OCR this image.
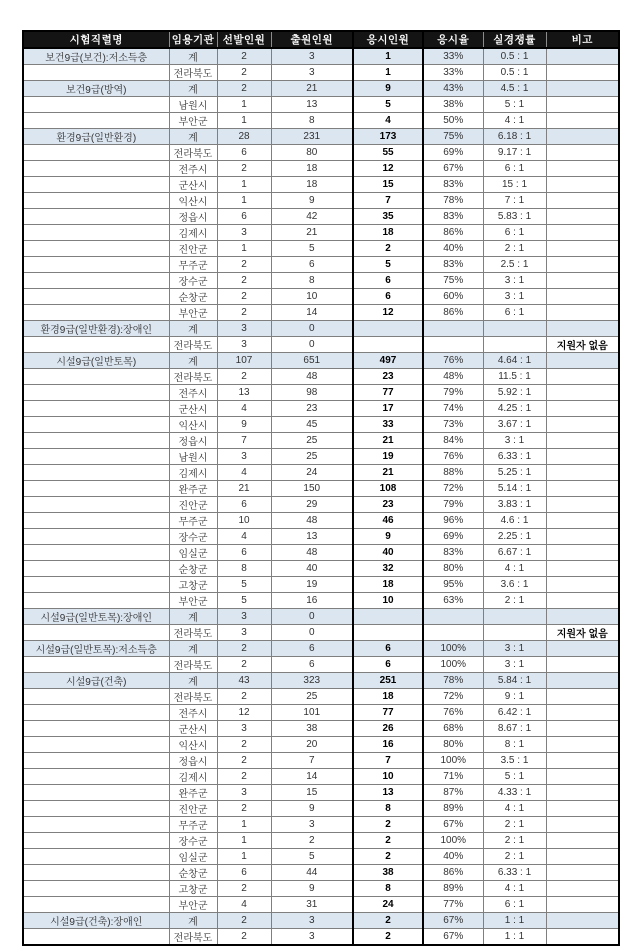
시험직렬명	임용기관	선발인원	출원인원	응시인원	응시율	실경쟁률	비고
보건9급(보건):저소득층	계	2	3	1	33%	0.5 : 1	
	전라북도	2	3	1	33%	0.5 : 1	
보건9급(방역)	계	2	21	9	43%	4.5 : 1	
	남원시	1	13	5	38%	5 : 1	
	부안군	1	8	4	50%	4 : 1	
환경9급(일반환경)	계	28	231	173	75%	6.18 : 1	
	전라북도	6	80	55	69%	9.17 : 1	
	전주시	2	18	12	67%	6 : 1	
	군산시	1	18	15	83%	15 : 1	
	익산시	1	9	7	78%	7 : 1	
	정읍시	6	42	35	83%	5.83 : 1	
	김제시	3	21	18	86%	6 : 1	
	진안군	1	5	2	40%	2 : 1	
	무주군	2	6	5	83%	2.5 : 1	
	장수군	2	8	6	75%	3 : 1	
	순창군	2	10	6	60%	3 : 1	
	부안군	2	14	12	86%	6 : 1	
환경9급(일반환경):장애인	계	3	0				
	전라북도	3	0				지원자 없음
시설9급(일반토목)	계	107	651	497	76%	4.64 : 1	
	전라북도	2	48	23	48%	11.5 : 1	
	전주시	13	98	77	79%	5.92 : 1	
	군산시	4	23	17	74%	4.25 : 1	
	익산시	9	45	33	73%	3.67 : 1	
	정읍시	7	25	21	84%	3 : 1	
	남원시	3	25	19	76%	6.33 : 1	
	김제시	4	24	21	88%	5.25 : 1	
	완주군	21	150	108	72%	5.14 : 1	
	진안군	6	29	23	79%	3.83 : 1	
	무주군	10	48	46	96%	4.6 : 1	
	장수군	4	13	9	69%	2.25 : 1	
	임실군	6	48	40	83%	6.67 : 1	
	순창군	8	40	32	80%	4 : 1	
	고창군	5	19	18	95%	3.6 : 1	
	부안군	5	16	10	63%	2 : 1	
시설9급(일반토목):장애인	계	3	0				
	전라북도	3	0				지원자 없음
시설9급(일반토목):저소득층	계	2	6	6	100%	3 : 1	
	전라북도	2	6	6	100%	3 : 1	
시설9급(건축)	계	43	323	251	78%	5.84 : 1	
	전라북도	2	25	18	72%	9 : 1	
	전주시	12	101	77	76%	6.42 : 1	
	군산시	3	38	26	68%	8.67 : 1	
	익산시	2	20	16	80%	8 : 1	
	정읍시	2	7	7	100%	3.5 : 1	
	김제시	2	14	10	71%	5 : 1	
	완주군	3	15	13	87%	4.33 : 1	
	진안군	2	9	8	89%	4 : 1	
	무주군	1	3	2	67%	2 : 1	
	장수군	1	2	2	100%	2 : 1	
	임실군	1	5	2	40%	2 : 1	
	순창군	6	44	38	86%	6.33 : 1	
	고창군	2	9	8	89%	4 : 1	
	부안군	4	31	24	77%	6 : 1	
시설9급(건축):장애인	계	2	3	2	67%	1 : 1	
	전라북도	2	3	2	67%	1 : 1	
